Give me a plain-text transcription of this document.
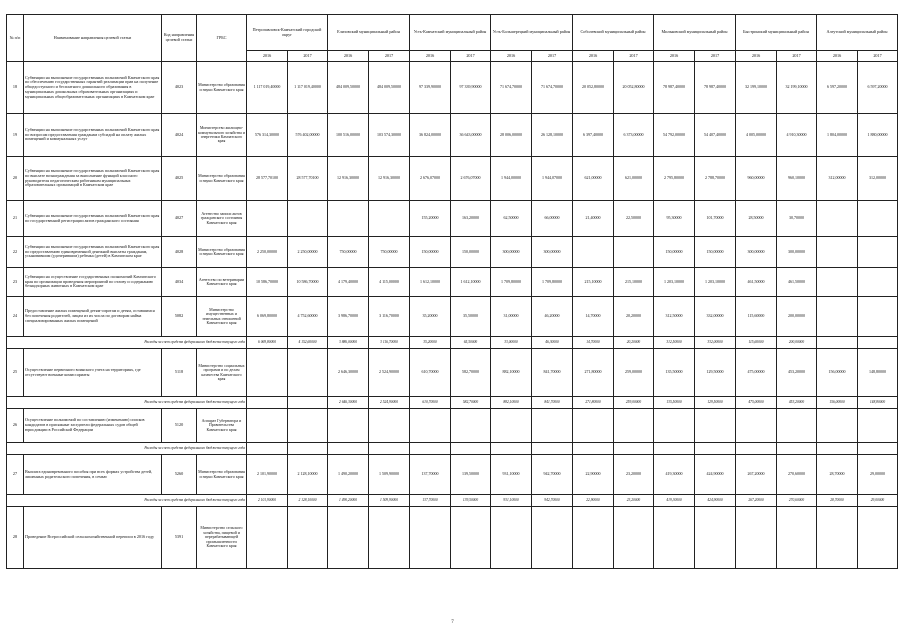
№ п/п	Наименование направления целевой статьи	Код направления целевой статьи	ГРБС	Петропавловск-Камчатский городской округ		Елизовский муниципальный район		Усть-Камчатский муниципальный район		Усть-Большерецкий муниципальный район		Соболевский муниципальный район		Мильковский муниципальный район		Быстринский муниципальный район		Алеутский муниципальный район	
				2016	2017	2016	2017	2016	2017	2016	2017	2016	2017	2016	2017	2016	2017	2016	2017
18	Субвенции на выполнение государственных полномочий Камчатского края по обеспечению государственных гарантий реализации прав на получение общедоступного и бесплатного дошкольного образования в муниципальных дошкольных образовательных организациях и муниципальных общеобразовательных организациях в Камчатском крае	4023	Министерство образования и науки Камчатского края	1 117 019,40000	1 117 019,40000	484 009,50000	484 009,50000	97 339,90000	97 339,90000	71 674,70000	71 674,70000	20 052,80000	20 052,80000	78 987,40000	78 987,40000	32 199,10000	32 199,10000	6 597,20000	6 597,20000
19	Субвенции на выполнение государственных полномочий Камчатского края по вопросам предоставления гражданам субсидий на оплату жилых помещений и коммунальных услуг	4024	Министерство жилищно-коммунального хозяйства и энергетики Камчатского края	576 314,30000	576 402,00000	100 516,00000	103 574,30000	36 824,00000	36 643,00000	28 006,00000	26 128,10000	6 397,40000	6 373,00000	54 792,00000	54 407,40000	4 005,00000	4 910,30000	1 804,00000	1 880,00000
20	Субвенции на выполнение государственных полномочий Камчатского края по выплате вознаграждения за выполнение функций классного руководителя педагогическим работникам муниципальных образовательных организаций в Камчатском крае	4025	Министерство образования и науки Камчатского края	28 577,70100	28 577,70100	12 916,30000	12 916,30000	2 676,07000	2 676,07000	1 944,00000	1 944,07000	621,00000	621,00000	2 795,80000	2 788,70000	960,00000	960,10000	312,00000	312,00000
21	Субвенции на выполнение государственных полномочий Камчатского края по государственной регистрации актов гражданского состояния	4027	Агентство записи актов гражданского состояния Камчатского края					155,20000	163,20000	62,50000	66,00000	21,40000	22,50000	95,30000	101,70000	28,50000	30,70000		
22	Субвенции на выполнение государственных полномочий Камчатского края по предоставлению единовременной денежной выплаты гражданам, усыновившим (удочерившим) ребенка (детей) в Камчатском крае	4028	Министерство образования и науки Камчатского края	2 250,00000	2 250,00000	750,00000	750,00000	150,00000	150,00000	300,00000	300,00000			150,00000	150,00000	300,00000	300,00000		
23	Субвенции на осуществление государственных полномочий Камчатского края по организации проведения мероприятий по отлову и содержанию безнадзорных животных в Камчатском крае	4034	Агентство по ветеринарии Камчатского края	10 586,70000	10 586,70000	4 179,40000	4 115,00000	1 612,10000	1 612,10000	1 709,80000	1 709,80000	215,10000	215,10000	1 203,10000	1 203,10000	461,50000	461,50000		
24	Предоставление жилых помещений детям-сиротам и детям, оставшимся без попечения родителей, лицам из их числа по договорам найма специализированных жилых помещений	5082	Министерство имущественных и земельных отношений Камчатского края	6 069,80000	4 752,60000	3 986,70000	3 116,70000	35,20000	35,50000	31,00000	46,20000	14,70000	20,20000	312,50000	332,00000	115,60000	200,00000		
Расходы за счет средств федерального бюджета текущего года				6 069,80000	4 152,60000	3 886,00000	3 116,70000	35,20000	65,50000	33,00000	46,30000	14,70000	20,20000	312,50000	332,00000	115,60000	200,00000		
25	Осуществление первичного воинского учета на территориях, где отсутствуют военные комиссариаты	5118	Министерство социальных программ и по делам казачества Камчатского края			2 646,30000	2 524,90000	610,70000	582,70000	882,10000	841,70000	271,80000	259,00000	135,50000	129,50000	475,00000	453,20000	156,00000	148,80000
Расходы за счет средств федерального бюджета текущего года						2 646,30000	2 524,90000	610,70000	582,70000	882,10000	841,70000	271,80000	259,00000	135,50000	129,50000	475,00000	453,20000	156,00000	148,80000
26	Осуществление полномочий по составлению (изменению) списков кандидатов в присяжные заседатели федеральных судов общей юрисдикции в Российской Федерации	5120	Аппарат Губернатора и Правительства Камчатского края																
Расходы за счет средств федерального бюджета текущего года																			
27	Выплата единовременного пособия при всех формах устройства детей, лишенных родительского попечения, в семью	5260	Министерство образования и науки Камчатского края	2 101,90000	2 128,10000	1 490,20000	1 509,90000	137,70000	139,50000	931,10000	942,70000	22,90000	23,20000	419,30000	424,90000	267,20000	270,60000	28,70000	29,00000
Расходы за счет средств федерального бюджета текущего года				2 101,90000	2 128,10000	1 490,20000	1 509,90000	137,70000	139,50000	931,10000	942,70000	22,90000	23,20000	419,30000	424,90000	267,20000	270,60000	28,70000	29,00000
28	Проведение Всероссийской сельскохозяйственной переписи в 2016 году	5391	Министерство сельского хозяйства, пищевой и перерабатывающей промышленности Камчатского края																
7
